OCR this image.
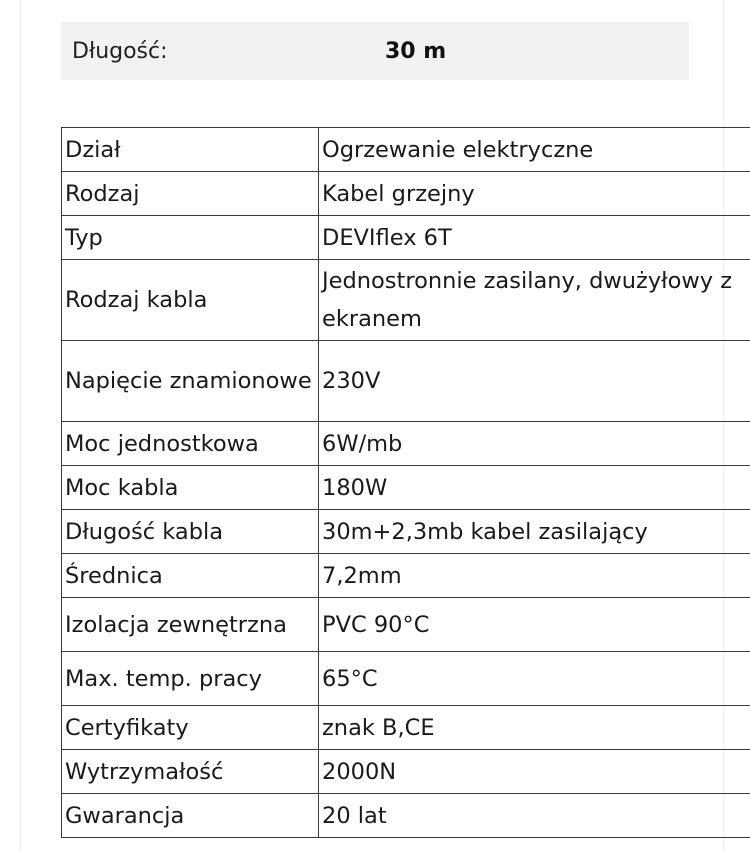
Długość:	30 m
Dział	Ogrzewanie elektryczne
Rodzaj	Kabel grzejny
Typ	DEVIflex 6T
Rodzaj kabla	Jednostronnie zasilany, dwużyłowy z ekranem
Napięcie znamionowe	230V
Moc jednostkowa	6W/mb
Moc kabla	180W
Długość kabla	30m+2,3mb kabel zasilający
Średnica	7,2mm
Izolacja zewnętrzna	PVC 90°C
Max. temp. pracy	65°C
Certyfikaty	znak B,CE
Wytrzymałość	2000N
Gwarancja	20 lat
